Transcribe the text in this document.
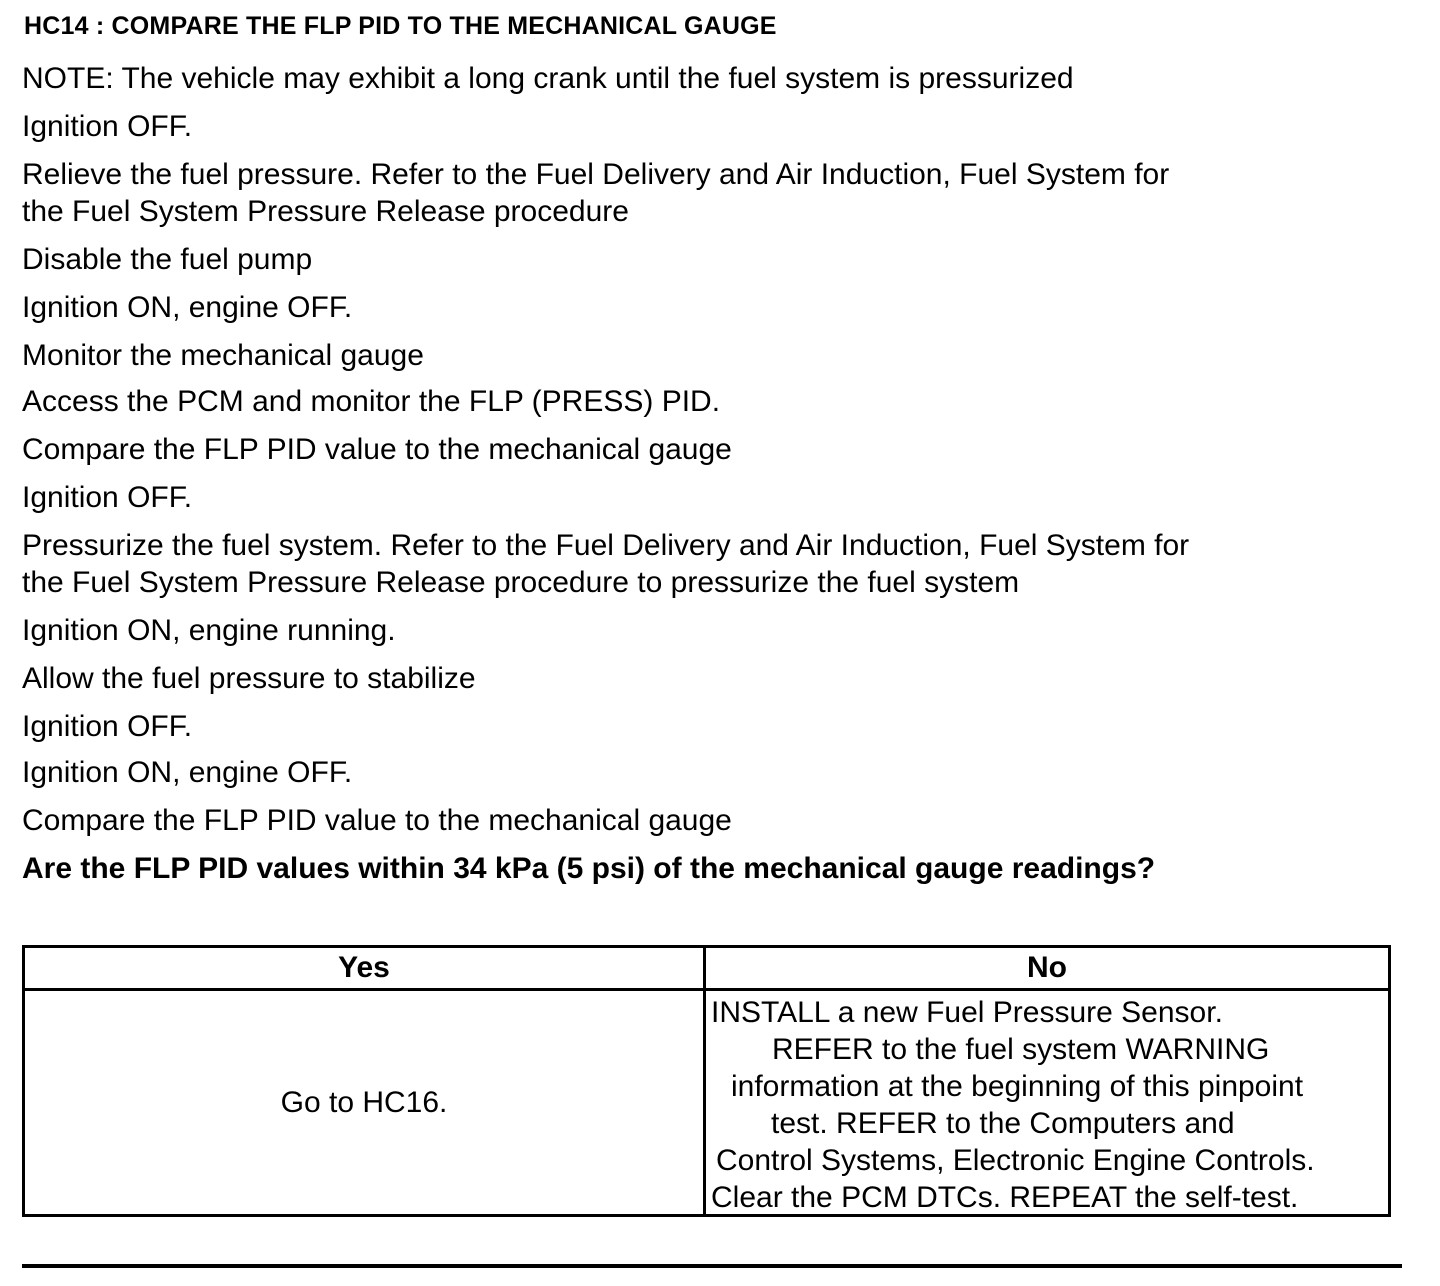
HC14 : COMPARE THE FLP PID TO THE MECHANICAL GAUGE
NOTE: The vehicle may exhibit a long crank until the fuel system is pressurized
Ignition OFF.
Relieve the fuel pressure. Refer to the Fuel Delivery and Air Induction, Fuel System for
the Fuel System Pressure Release procedure
Disable the fuel pump
Ignition ON, engine OFF.
Monitor the mechanical gauge
Access the PCM and monitor the FLP (PRESS) PID.
Compare the FLP PID value to the mechanical gauge
Ignition OFF.
Pressurize the fuel system. Refer to the Fuel Delivery and Air Induction, Fuel System for
the Fuel System Pressure Release procedure to pressurize the fuel system
Ignition ON, engine running.
Allow the fuel pressure to stabilize
Ignition OFF.
Ignition ON, engine OFF.
Compare the FLP PID value to the mechanical gauge
Are the FLP PID values within 34 kPa (5 psi) of the mechanical gauge readings?
Yes
Go to HC16.
No
INSTALL a new Fuel Pressure Sensor.
REFER to the fuel system WARNING
information at the beginning of this pinpoint
test. REFER to the Computers and
Control Systems, Electronic Engine Controls.
Clear the PCM DTCs. REPEAT the self-test.
